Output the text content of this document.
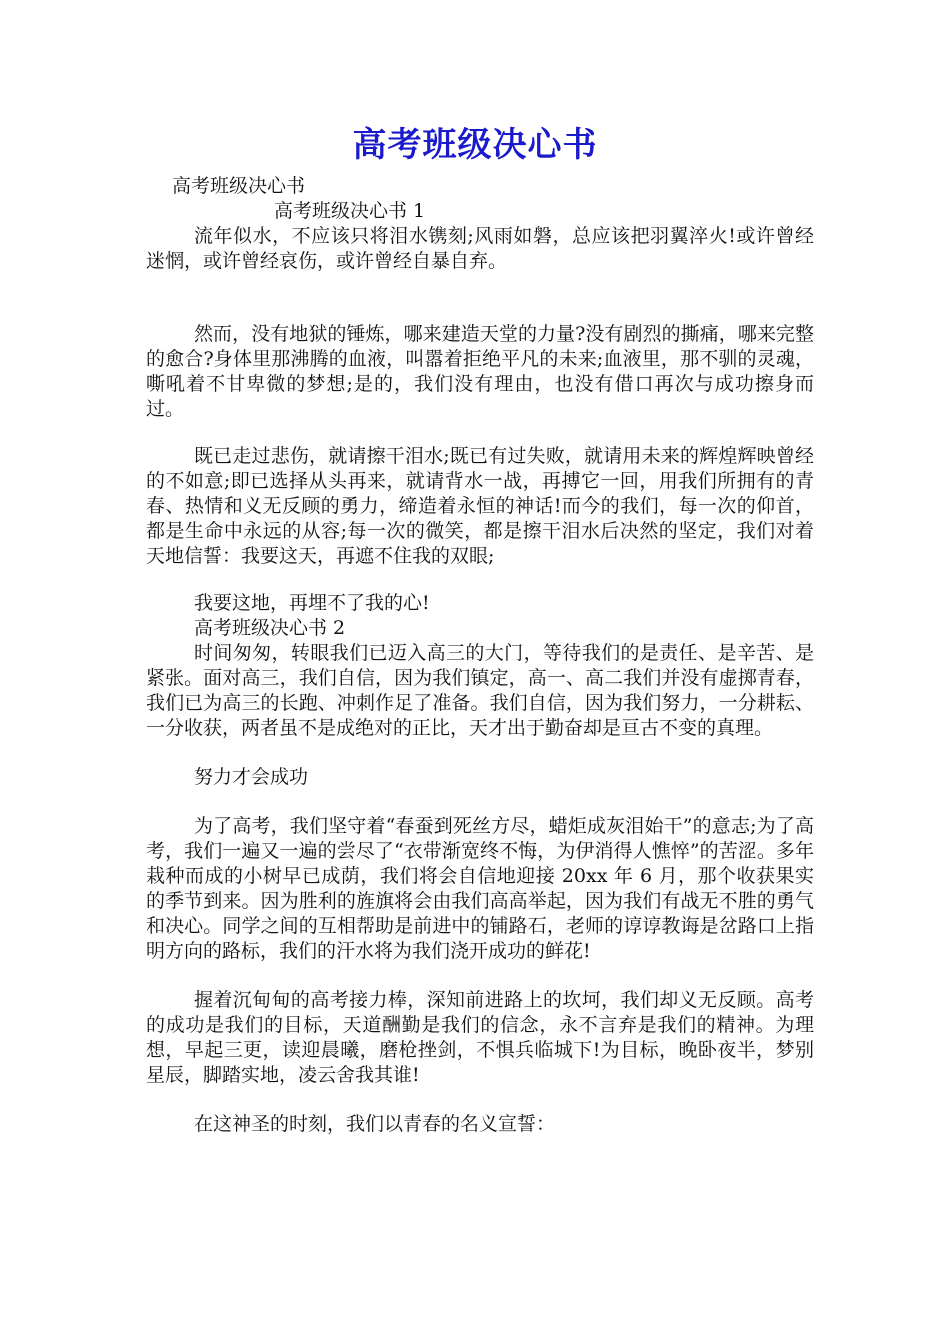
高考班级决心书
高考班级决心书
高考班级决心书 1
流年似水，不应该只将泪水镌刻;风雨如磐，总应该把羽翼淬火!或许曾经迷惘，或许曾经哀伤，或许曾经自暴自弃。
然而，没有地狱的锤炼，哪来建造天堂的力量?没有剧烈的撕痛，哪来完整的愈合?身体里那沸腾的血液，叫嚣着拒绝平凡的未来;血液里，那不驯的灵魂，嘶吼着不甘卑微的梦想;是的，我们没有理由，也没有借口再次与成功擦身而过。
既已走过悲伤，就请擦干泪水;既已有过失败，就请用未来的辉煌辉映曾经的不如意;即已选择从头再来，就请背水一战，再搏它一回，用我们所拥有的青春、热情和义无反顾的勇力，缔造着永恒的神话!而今的我们，每一次的仰首，都是生命中永远的从容;每一次的微笑，都是擦干泪水后决然的坚定，我们对着天地信誓：我要这天，再遮不住我的双眼;
我要这地，再埋不了我的心!
高考班级决心书 2
时间匆匆，转眼我们已迈入高三的大门，等待我们的是责任、是辛苦、是紧张。面对高三，我们自信，因为我们镇定，高一、高二我们并没有虚掷青春，我们已为高三的长跑、冲刺作足了准备。我们自信，因为我们努力，一分耕耘、一分收获，两者虽不是成绝对的正比，天才出于勤奋却是亘古不变的真理。
努力才会成功
为了高考，我们坚守着“春蚕到死丝方尽，蜡炬成灰泪始干”的意志;为了高考，我们一遍又一遍的尝尽了“衣带渐宽终不悔，为伊消得人憔悴”的苦涩。多年栽种而成的小树早已成荫，我们将会自信地迎接 20xx 年 6 月，那个收获果实的季节到来。因为胜利的旌旗将会由我们高高举起，因为我们有战无不胜的勇气和决心。同学之间的互相帮助是前进中的铺路石，老师的谆谆教诲是岔路口上指明方向的路标，我们的汗水将为我们浇开成功的鲜花!
握着沉甸甸的高考接力棒，深知前进路上的坎坷，我们却义无反顾。高考的成功是我们的目标，天道酬勤是我们的信念，永不言弃是我们的精神。为理想，早起三更，读迎晨曦，磨枪挫剑，不惧兵临城下!为目标，晚卧夜半，梦别星辰，脚踏实地，凌云舍我其谁!
在这神圣的时刻，我们以青春的名义宣誓：
